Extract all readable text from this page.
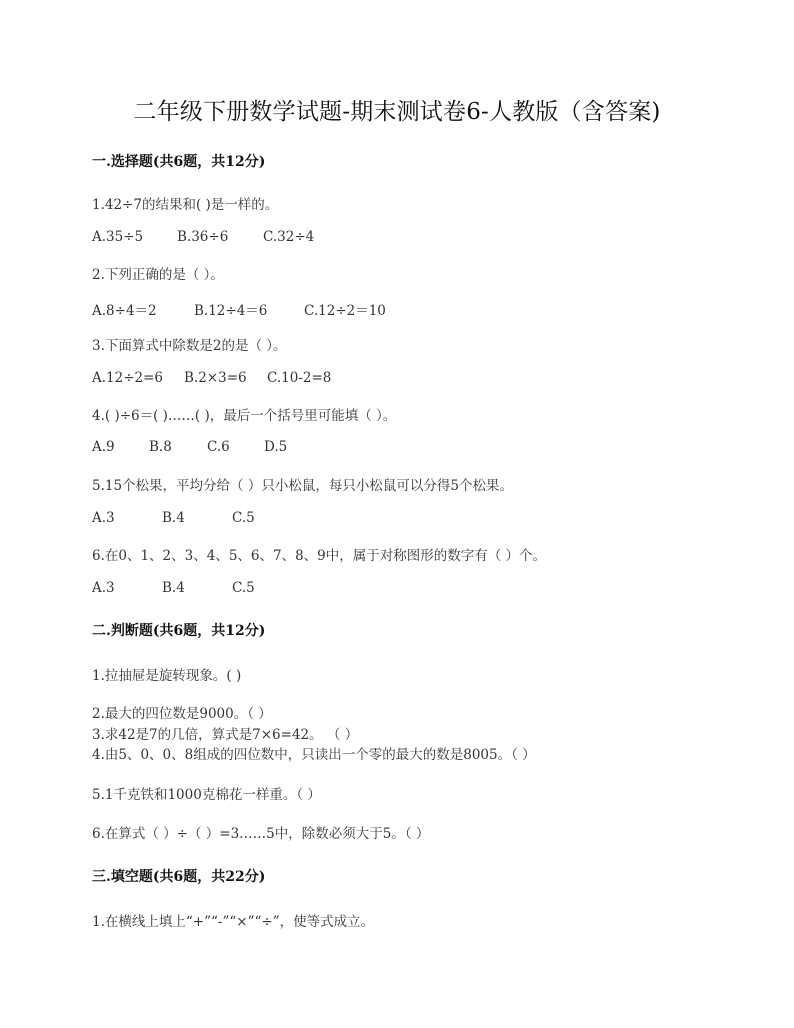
二年级下册数学试题-期末测试卷6-人教版（含答案)
一.选择题(共6题，共12分)
1.42÷7的结果和( )是一样的。
A.35÷5	B.36÷6	C.32÷4
2.下列正确的是（ ）。
A.8÷4＝2	B.12÷4＝6	C.12÷2＝10
3.下面算式中除数是2的是（ ）。
A.12÷2=6 B.2×3=6 C.10-2=8
4.( )÷6＝( )……( )，最后一个括号里可能填（ ）。
A.9	B.8	C.6	D.5
5.15个松果，平均分给（ ）只小松鼠，每只小松鼠可以分得5个松果。
A.3	B.4	C.5
6.在0、1、2、3、4、5、6、7、8、9中，属于对称图形的数字有（ ）个。
A.3	B.4	C.5
二.判断题(共6题，共12分)
1.拉抽屉是旋转现象。( )
2.最大的四位数是9000。（ ）
3.求42是7的几倍，算式是7×6=42。 （ ）
4.由5、0、0、8组成的四位数中，只读出一个零的最大的数是8005。（ ）
5.1千克铁和1000克棉花一样重。（ ）
6.在算式（ ）÷（ ）=3……5中，除数必须大于5。（ ）
三.填空题(共6题，共22分)
1.在横线上填上“+”“-”“×”“÷”，使等式成立。
